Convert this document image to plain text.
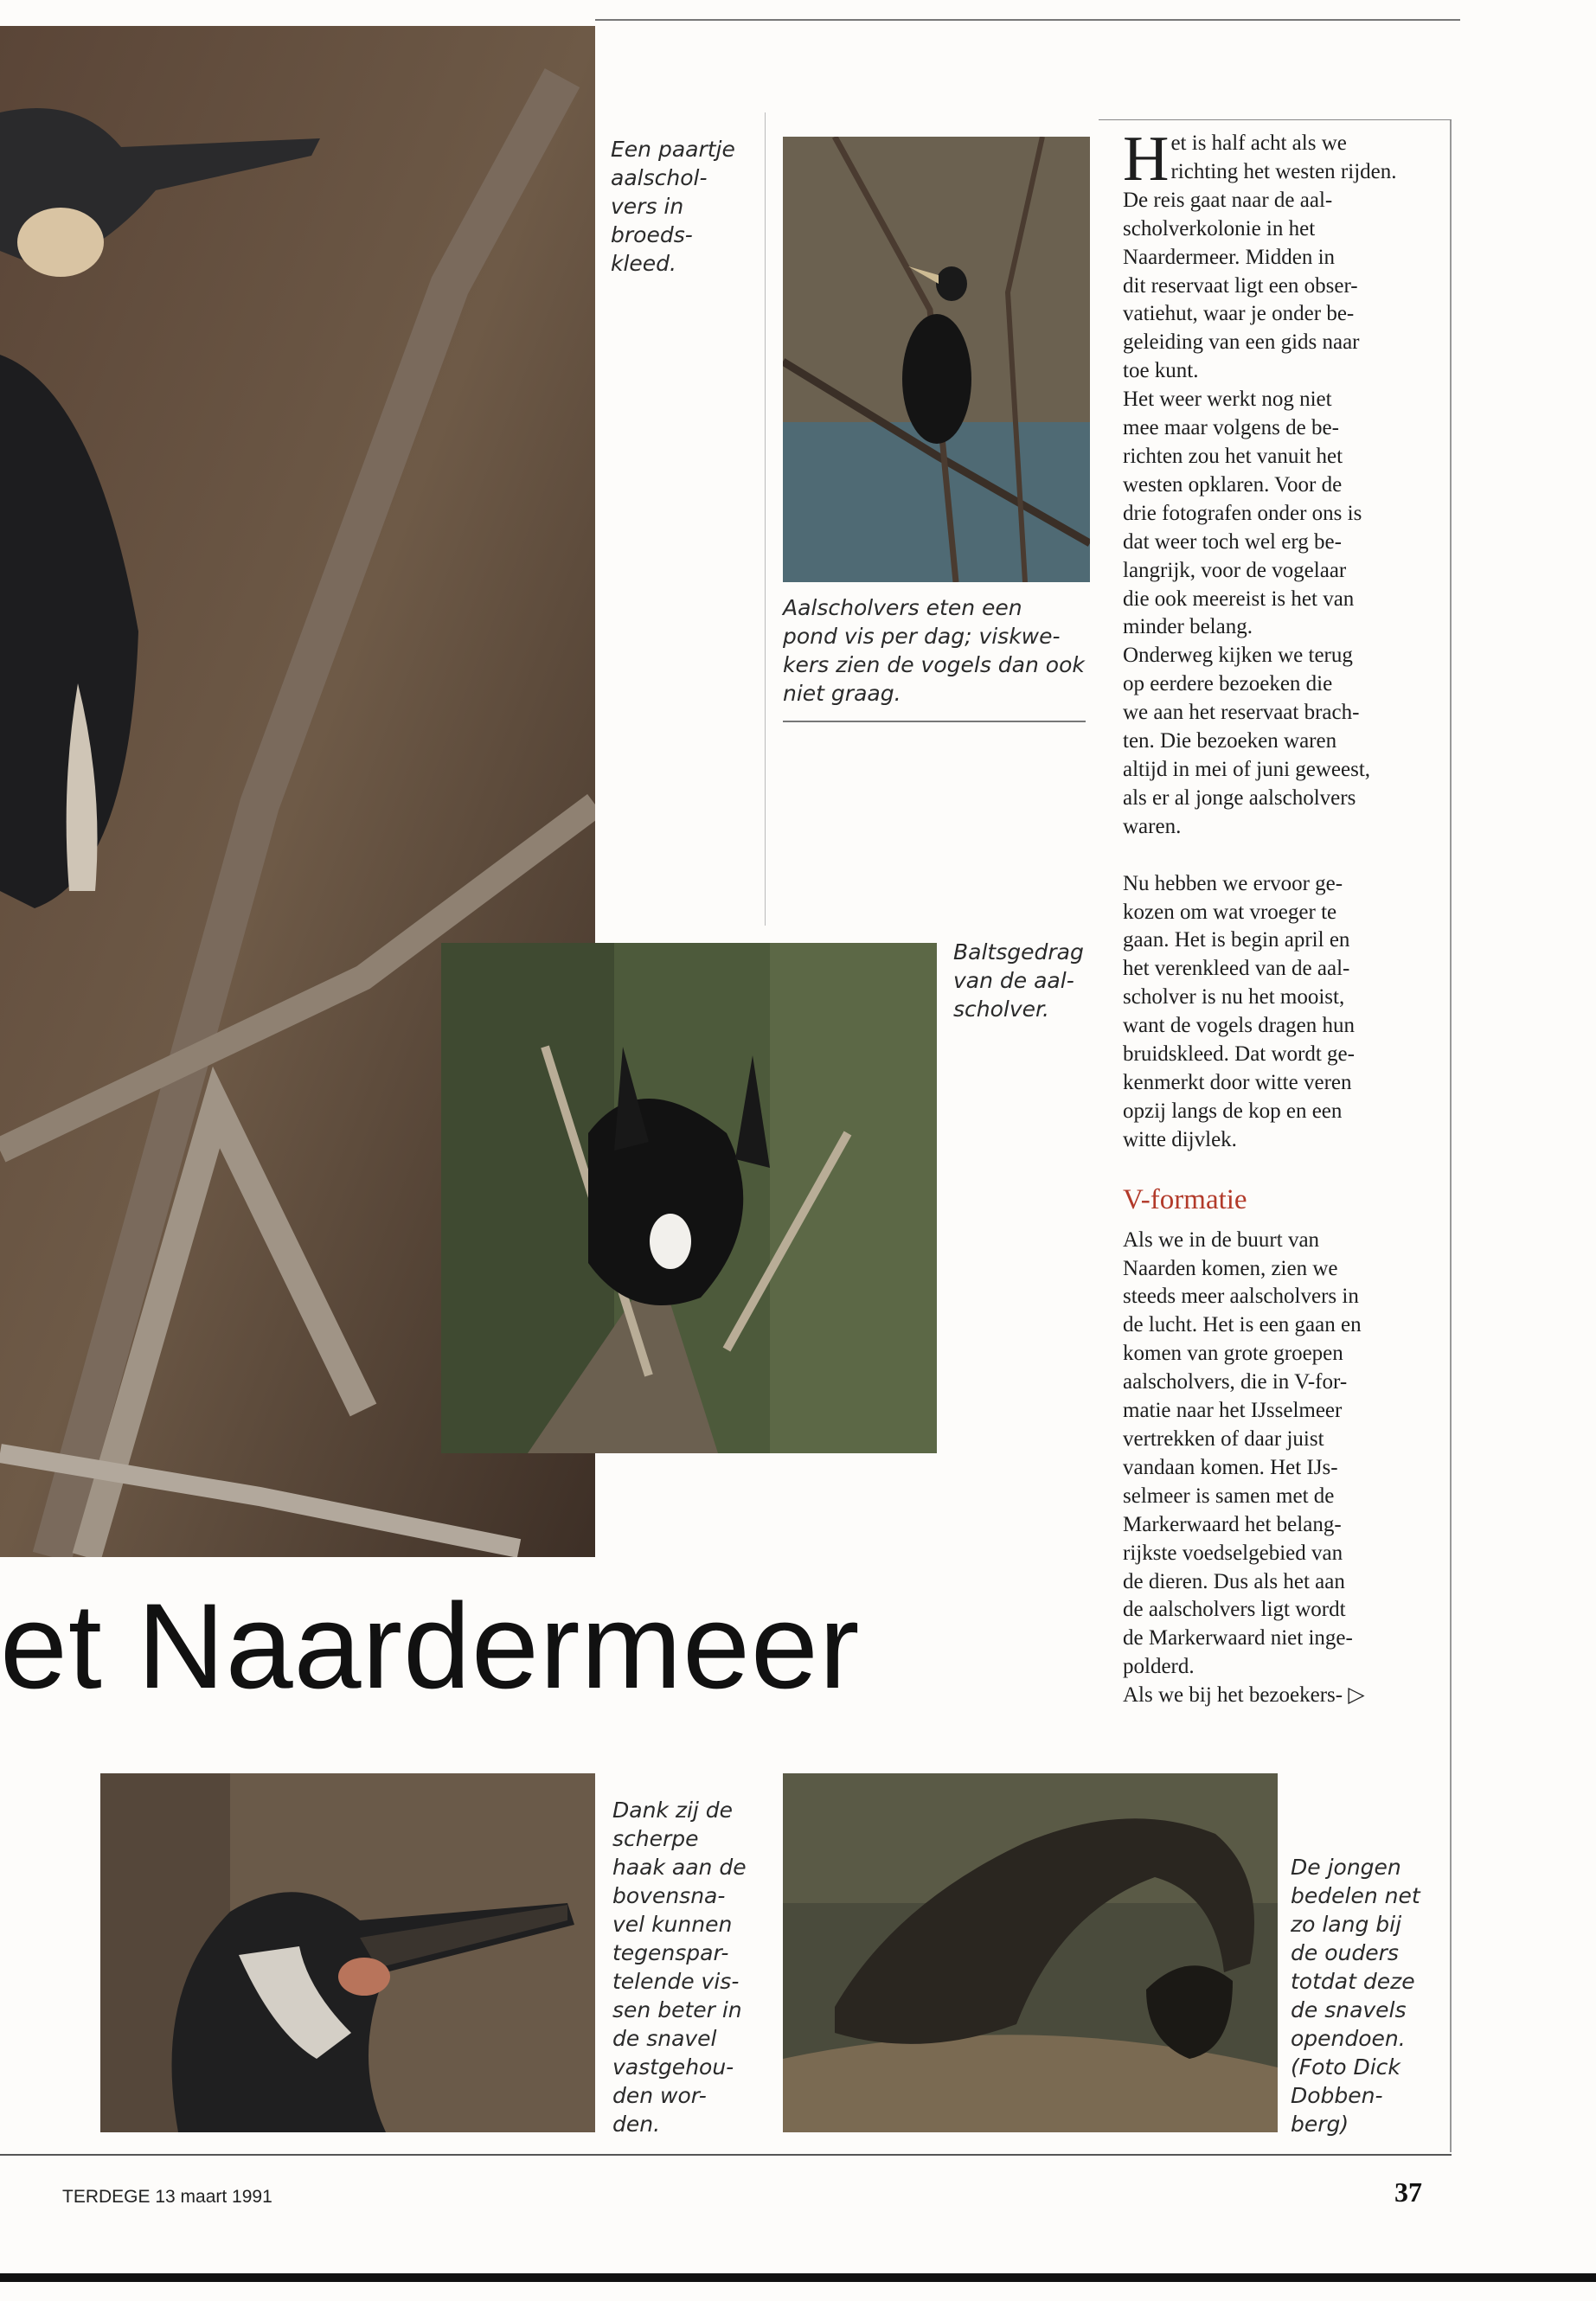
Een paartje
aalschol-
vers in
broeds-
kleed.
Aalscholvers eten een
pond vis per dag; viskwe-
kers zien de vogels dan ook
niet graag.
Baltsgedrag
van de aal-
scholver.
Dank zij de
scherpe
haak aan de
bovensna-
vel kunnen
tegenspar-
telende vis-
sen beter in
de snavel
vastgehou-
den wor-
den.
De jongen
bedelen net
zo lang bij
de ouders
totdat deze
de snavels
opendoen.
(Foto Dick
Dobben-
berg)
H et is half acht als we
richting het westen rijden.
De reis gaat naar de aal-
scholverkolonie in het
Naardermeer. Midden in
dit reservaat ligt een obser-
vatiehut, waar je onder be-
geleiding van een gids naar
toe kunt.
Het weer werkt nog niet
mee maar volgens de be-
richten zou het vanuit het
westen opklaren. Voor de
drie fotografen onder ons is
dat weer toch wel erg be-
langrijk, voor de vogelaar
die ook meereist is het van
minder belang.
Onderweg kijken we terug
op eerdere bezoeken die
we aan het reservaat brach-
ten. Die bezoeken waren
altijd in mei of juni geweest,
als er al jonge aalscholvers
waren.

Nu hebben we ervoor ge-
kozen om wat vroeger te
gaan. Het is begin april en
het verenkleed van de aal-
scholver is nu het mooist,
want de vogels dragen hun
bruidskleed. Dat wordt ge-
kenmerkt door witte veren
opzij langs de kop en een
witte dijvlek.

V-formatie

Als we in de buurt van
Naarden komen, zien we
steeds meer aalscholvers in
de lucht. Het is een gaan en
komen van grote groepen
aalscholvers, die in V-for-
matie naar het IJsselmeer
vertrekken of daar juist
vandaan komen. Het IJs-
selmeer is samen met de
Markerwaard het belang-
rijkste voedselgebied van
de dieren. Dus als het aan
de aalscholvers ligt wordt
de Markerwaard niet inge-
polderd.

Als we bij het bezoekers- ▷

et Naardermeer
TERDEGE 13 maart 1991	37
